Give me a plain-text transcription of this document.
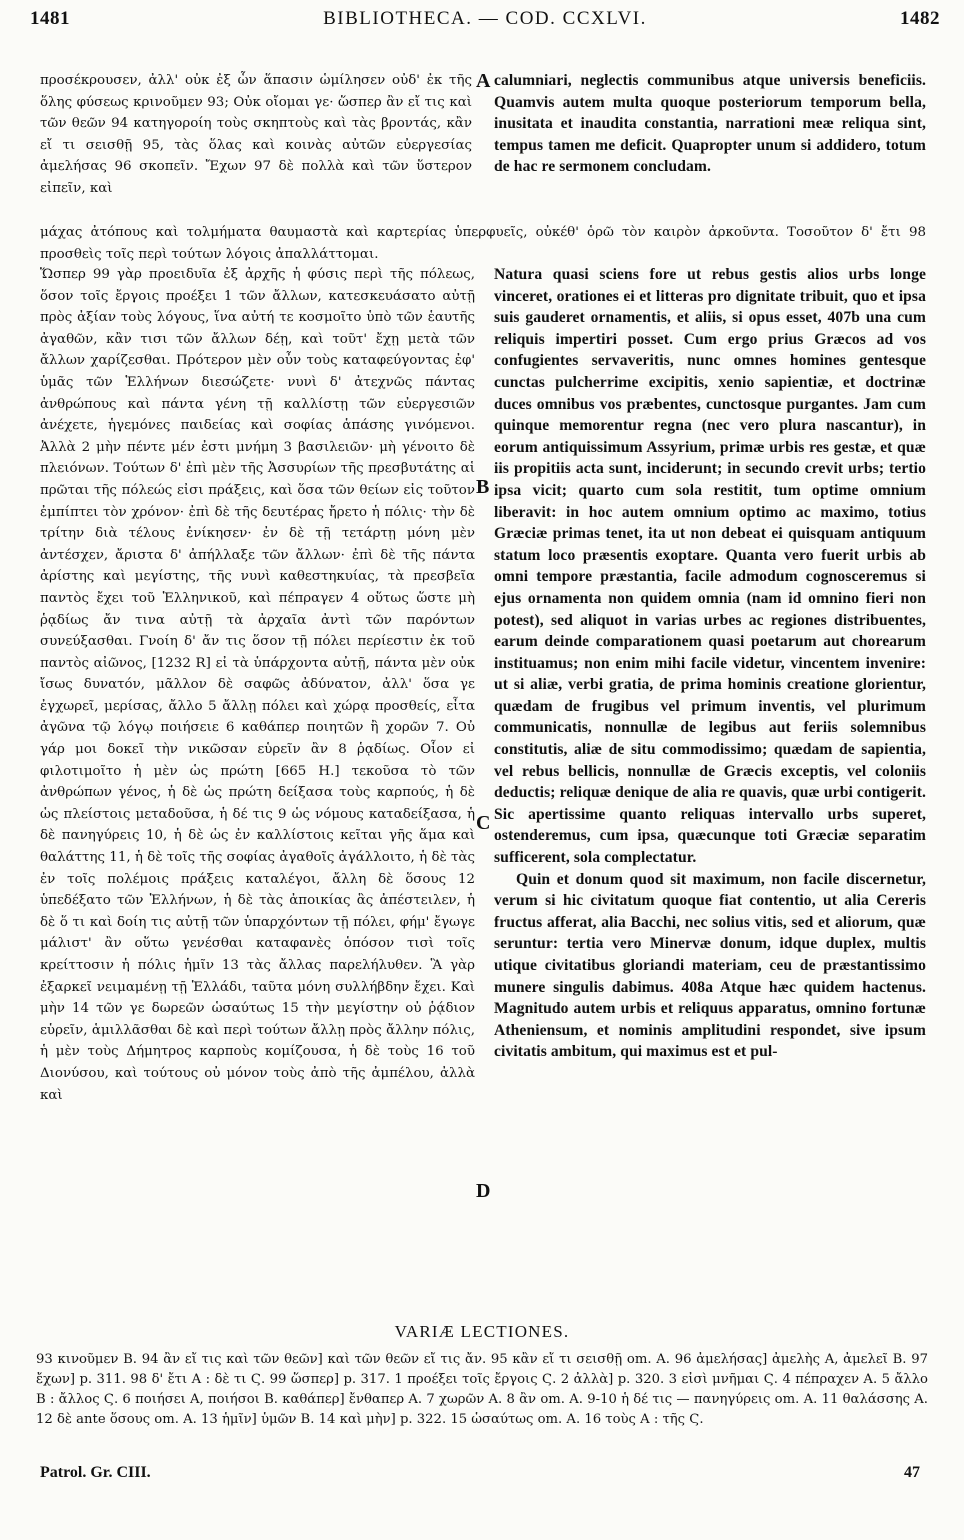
1481	BIBLIOTHECA. — COD. CCXLVI.	1482

προσέκρουσεν, ἀλλ' οὐκ ἐξ ὧν ἅπασιν ὡμίλησεν οὐδ' ἐκ τῆς ὅλης φύσεως κρινοῦμεν 93; Οὐκ οἴομαι γε· ὥσπερ ἂν εἴ τις καὶ τῶν θεῶν 94 κατηγοροίη τοὺς σκηπτοὺς καὶ τὰς βροντάς, κἂν εἴ τι σεισθῇ 95, τὰς ὅλας καὶ κοινὰς αὐτῶν εὐεργεσίας ἀμελήσας 96 σκοπεῖν. Ἔχων 97 δὲ πολλὰ καὶ τῶν ὕστερον εἰπεῖν, καὶ

calumniari, neglectis communibus atque universis beneficiis. Quamvis autem multa quoque posteriorum temporum bella, inusitata et inaudita constantia, narrationi meæ reliqua sint, tempus tamen me deficit. Quapropter unum si addidero, totum de hac re sermonem concludam.

μάχας ἀτόπους καὶ τολμήματα θαυμαστὰ καὶ καρτερίας ὑπερφυεῖς, οὐκέθ' ὁρῶ τὸν καιρὸν ἀρκοῦντα. Τοσοῦτον δ' ἔτι 98 προσθεὶς τοῖς περὶ τούτων λόγοις ἀπαλλάττομαι.

Ὥσπερ 99 γὰρ προειδυῖα ἐξ ἀρχῆς ἡ φύσις περὶ τῆς πόλεως, ὅσον τοῖς ἔργοις προέξει 1 τῶν ἄλλων, κατεσκευάσατο αὐτῇ πρὸς ἀξίαν τοὺς λόγους, ἵνα αὐτή τε κοσμοῖτο ὑπὸ τῶν ἑαυτῆς ἀγαθῶν, κἂν τισι τῶν ἄλλων δέῃ, καὶ τοῦτ' ἔχῃ μετὰ τῶν ἄλλων χαρίζεσθαι. Πρότερον μὲν οὖν τοὺς καταφεύγοντας ἐφ' ὑμᾶς τῶν Ἑλλήνων διεσώζετε· νυνὶ δ' ἀτεχνῶς πάντας ἀνθρώπους καὶ πάντα γένη τῇ καλλίστῃ τῶν εὐεργεσιῶν ἀνέχετε, ἡγεμόνες παιδείας καὶ σοφίας ἁπάσης γινόμενοι. Ἀλλὰ 2 μὴν πέντε μέν ἐστι μνήμη 3 βασιλειῶν· μὴ γένοιτο δὲ πλειόνων. Τούτων δ' ἐπὶ μὲν τῆς Ἀσσυρίων τῆς πρεσβυτάτης αἱ πρῶται τῆς πόλεώς εἰσι πράξεις, καὶ ὅσα τῶν θείων εἰς τοῦτον ἐμπίπτει τὸν χρόνον· ἐπὶ δὲ τῆς δευτέρας ἤρετο ἡ πόλις· τὴν δὲ τρίτην διὰ τέλους ἐνίκησεν· ἐν δὲ τῇ τετάρτῃ μόνη μὲν ἀντέσχεν, ἄριστα δ' ἀπήλλαξε τῶν ἄλλων· ἐπὶ δὲ τῆς πάντα ἀρίστης καὶ μεγίστης, τῆς νυνὶ καθεστηκυίας, τὰ πρεσβεῖα παντὸς ἔχει τοῦ Ἑλληνικοῦ, καὶ πέπραγεν 4 οὕτως ὥστε μὴ ῥᾳδίως ἄν τινα αὐτῇ τὰ ἀρχαῖα ἀντὶ τῶν παρόντων συνεύξασθαι. Γνοίη δ' ἄν τις ὅσον τῇ πόλει περίεστιν ἐκ τοῦ παντὸς αἰῶνος, [1232 R] εἰ τὰ ὑπάρχοντα αὐτῇ, πάντα μὲν οὐκ ἴσως δυνατόν, μᾶλλον δὲ σαφῶς ἀδύνατον, ἀλλ' ὅσα γε ἐγχωρεῖ, μερίσας, ἄλλο 5 ἄλλῃ πόλει καὶ χώρᾳ προσθείς, εἶτα ἀγῶνα τῷ λόγῳ ποιήσειε 6 καθάπερ ποιητῶν ἢ χορῶν 7. Οὐ γάρ μοι δοκεῖ τὴν νικῶσαν εὑρεῖν ἂν 8 ῥᾳδίως. Οἷον εἰ φιλοτιμοῖτο ἡ μὲν ὡς πρώτη [665 H.] τεκοῦσα τὸ τῶν ἀνθρώπων γένος, ἡ δὲ ὡς πρώτη δείξασα τοὺς καρπούς, ἡ δὲ ὡς πλείστοις μεταδοῦσα, ἡ δέ τις 9 ὡς νόμους καταδείξασα, ἡ δὲ πανηγύρεις 10, ἡ δὲ ὡς ἐν καλλίστοις κεῖται γῆς ἅμα καὶ θαλάττης 11, ἡ δὲ τοῖς τῆς σοφίας ἀγαθοῖς ἀγάλλοιτο, ἡ δὲ τὰς ἐν τοῖς πολέμοις πράξεις καταλέγοι, ἄλλη δὲ ὅσους 12 ὑπεδέξατο τῶν Ἑλλήνων, ἡ δὲ τὰς ἀποικίας ἃς ἀπέστειλεν, ἡ δὲ ὅ τι καὶ δοίη τις αὐτῇ τῶν ὑπαρχόντων τῇ πόλει, φήμ' ἔγωγε μάλιστ' ἂν οὕτω γενέσθαι καταφανὲς ὁπόσον τισὶ τοῖς κρείττοσιν ἡ πόλις ἡμῖν 13 τὰς ἄλλας παρελήλυθεν. Ἃ γὰρ ἐξαρκεῖ νειμαμένῃ τῇ Ἑλλάδι, ταῦτα μόνη συλλήβδην ἔχει. Καὶ μὴν 14 τῶν γε δωρεῶν ὡσαύτως 15 τὴν μεγίστην οὐ ῥᾴδιον εὑρεῖν, ἁμιλλᾶσθαι δὲ καὶ περὶ τούτων ἄλλῃ πρὸς ἄλλην πόλις, ἡ μὲν τοὺς Δήμητρος καρποὺς κομίζουσα, ἡ δὲ τοὺς 16 τοῦ Διονύσου, καὶ τούτους οὐ μόνον τοὺς ἀπὸ τῆς ἀμπέλου, ἀλλὰ καὶ

Natura quasi sciens fore ut rebus gestis alios urbs longe vinceret, orationes ei et litteras pro dignitate tribuit, quo et ipsa suis gauderet ornamentis, et aliis, si opus esset, 407b una cum reliquis impertiri posset. Cum ergo prius Græcos ad vos confugientes servaveritis, nunc omnes homines gentesque cunctas pulcherrime excipitis, xenio sapientiæ, et doctrinæ duces omnibus vos præbentes, cunctosque purgantes. Jam cum quinque memorentur regna (nec vero plura nascantur), in eorum antiquissimum Assyrium, primæ urbis res gestæ, et quæ iis propitiis acta sunt, inciderunt; in secundo crevit urbs; tertio ipsa vicit; quarto cum sola restitit, tum optime omnium liberavit: in hoc autem omnium optimo ac maximo, totius Græciæ primas tenet, ita ut non debeat ei quisquam antiquum statum loco præsentis exoptare. Quanta vero fuerit urbis ab omni tempore præstantia, facile admodum cognosceremus si ejus ornamenta non quidem omnia (nam id omnino fieri non potest), sed aliquot in varias urbes ac regiones distribuentes, earum deinde comparationem quasi poetarum aut chorearum instituamus; non enim mihi facile videtur, vincentem invenire: ut si aliæ, verbi gratia, de prima hominis creatione glorientur, quædam de frugibus vel primum inventis, vel plurimum communicatis, nonnullæ de legibus aut feriis solemnibus constitutis, aliæ de situ commodissimo; quædam de sapientia, vel rebus bellicis, nonnullæ de Græcis exceptis, vel coloniis deductis; reliquæ denique de alia re quavis, quæ urbi contigerit. Sic apertissime quanto reliquas intervallo urbs superet, ostenderemus, cum ipsa, quæcunque toti Græciæ separatim sufficerent, sola complectatur.

Quin et donum quod sit maximum, non facile discernetur, verum si hic civitatum quoque fiat contentio, ut alia Cereris fructus afferat, alia Bacchi, nec solius vitis, sed et aliorum, quæ seruntur: tertia vero Minervæ donum, idque duplex, multis utique civitatibus gloriandi materiam, ceu de præstantissimo munere singulis dabimus. 408a Atque hæc quidem hactenus. Magnitudo autem urbis et reliquus apparatus, omnino fortunæ Atheniensum, et nominis amplitudini respondet, sive ipsum civitatis ambitum, qui maximus est et pul-

A
B
C
D
VARIÆ LECTIONES.
93 κινοῦμεν B. 94 ἂν εἴ τις καὶ τῶν θεῶν] καὶ τῶν θεῶν εἴ τις ἄν. 95 κἂν εἴ τι σεισθῇ om. A. 96 ἀμελήσας] ἀμελὴς A, ἀμελεῖ B. 97 ἔχων] p. 311. 98 δ' ἔτι A : δὲ τι Ϛ. 99 ὥσπερ] p. 317. 1 προέξει τοῖς ἔργοις Ϛ. 2 ἀλλὰ] p. 320. 3 εἰσὶ μνῆμαι Ϛ. 4 πέπραχεν A. 5 ἄλλο B : ἄλλος Ϛ. 6 ποιήσει A, ποιήσοι B. καθάπερ] ἔνθαπερ A. 7 χωρῶν A. 8 ἂν om. A. 9-10 ἡ δέ τις — πανηγύρεις om. A. 11 θαλάσσης A. 12 δὲ ante ὅσους om. A. 13 ἡμῖν] ὑμῶν B. 14 καὶ μὴν] p. 322. 15 ὡσαύτως om. A. 16 τοὺς A : τῆς Ϛ.
Patrol. Gr. CIII.	47
